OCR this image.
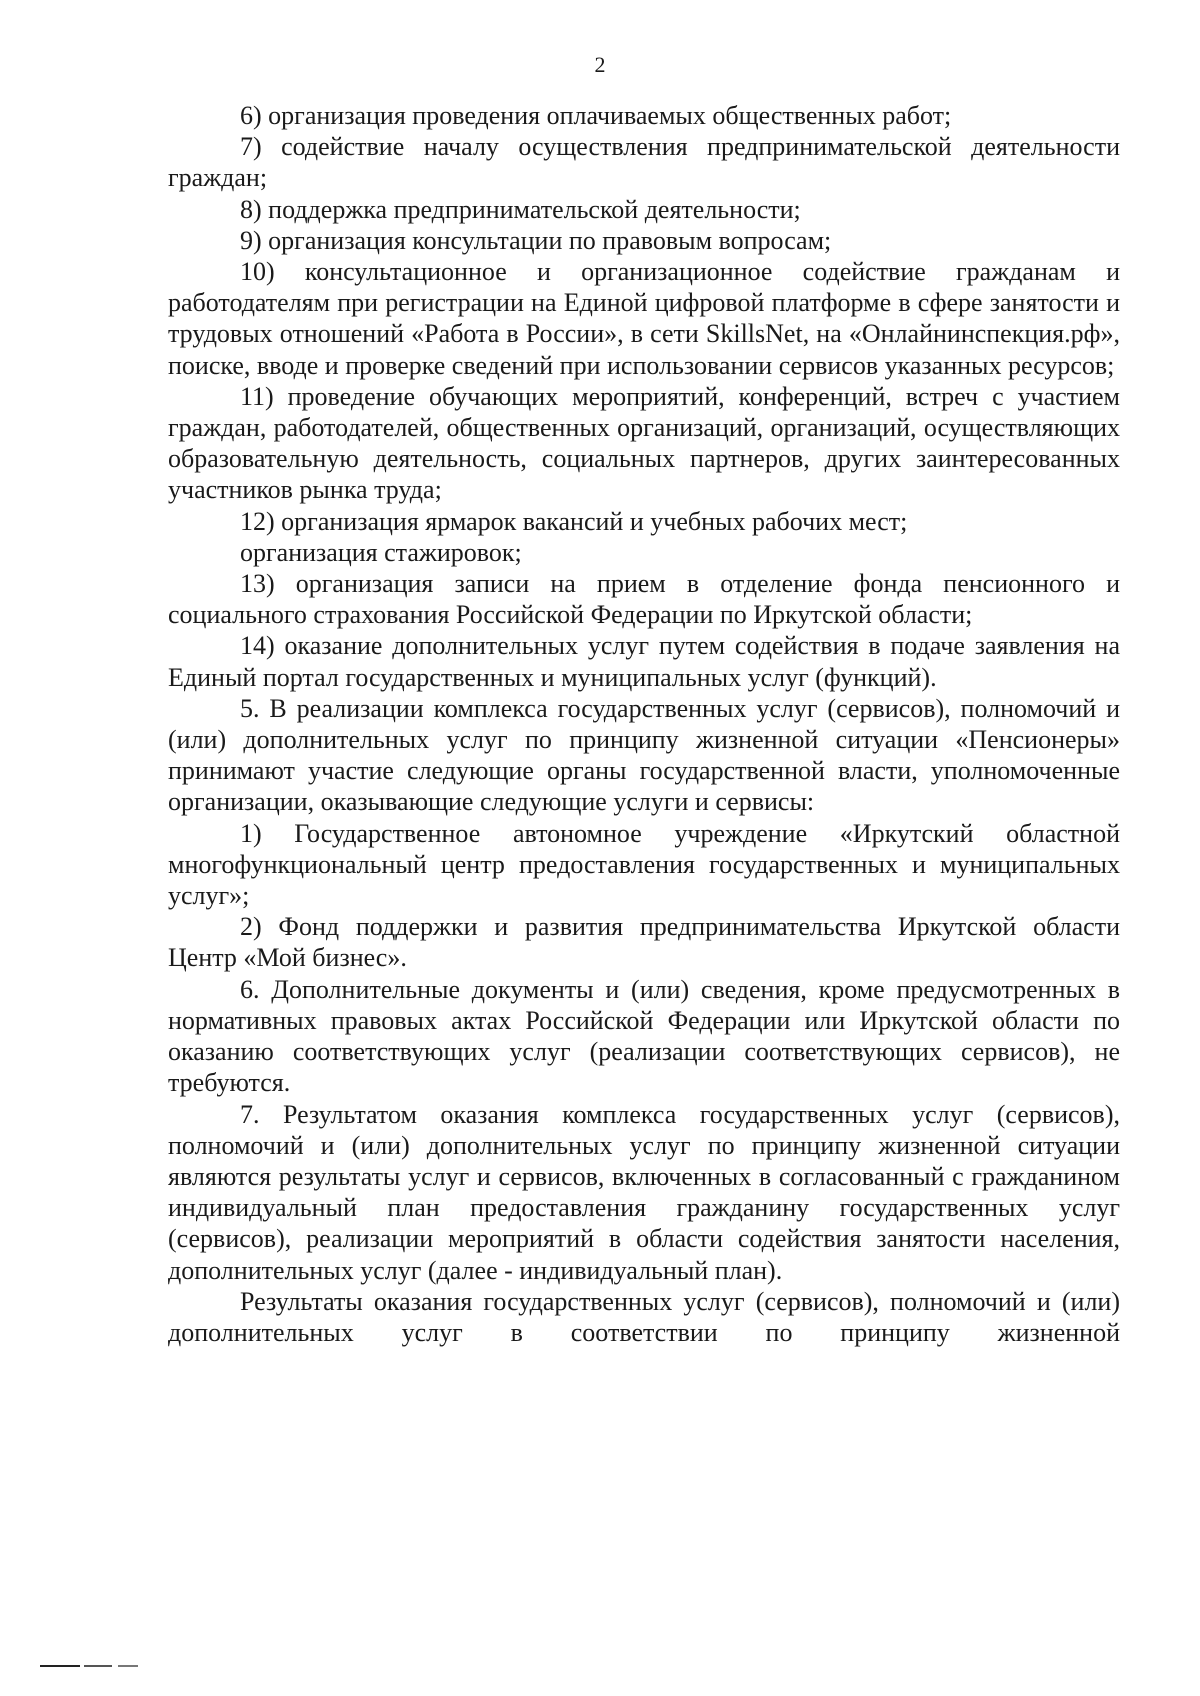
2

6) организация проведения оплачиваемых общественных работ;

7) содействие началу осуществления предпринимательской деятельности граждан;

8) поддержка предпринимательской деятельности;

9) организация консультации по правовым вопросам;

10) консультационное и организационное содействие гражданам и работодателям при регистрации на Единой цифровой платформе в сфере занятости и трудовых отношений «Работа в России», в сети SkillsNet, на «Онлайнинспекция.рф», поиске, вводе и проверке сведений при использовании сервисов указанных ресурсов;

11) проведение обучающих мероприятий, конференций, встреч с участием граждан, работодателей, общественных организаций, организаций, осуществляющих образовательную деятельность, социальных партнеров, других заинтересованных участников рынка труда;

12) организация ярмарок вакансий и учебных рабочих мест;

организация стажировок;

13) организация записи на прием в отделение фонда пенсионного и социального страхования Российской Федерации по Иркутской области;

14) оказание дополнительных услуг путем содействия в подаче заявления на Единый портал государственных и муниципальных услуг (функций).

5. В реализации комплекса государственных услуг (сервисов), полномочий и (или) дополнительных услуг по принципу жизненной ситуации «Пенсионеры» принимают участие следующие органы государственной власти, уполномоченные организации, оказывающие следующие услуги и сервисы:

1) Государственное автономное учреждение «Иркутский областной многофункциональный центр предоставления государственных и муниципальных услуг»;

2) Фонд поддержки и развития предпринимательства Иркутской области Центр «Мой бизнес».

6. Дополнительные документы и (или) сведения, кроме предусмотренных в нормативных правовых актах Российской Федерации или Иркутской области по оказанию соответствующих услуг (реализации соответствующих сервисов), не требуются.

7. Результатом оказания комплекса государственных услуг (сервисов), полномочий и (или) дополнительных услуг по принципу жизненной ситуации являются результаты услуг и сервисов, включенных в согласованный с гражданином индивидуальный план предоставления гражданину государственных услуг (сервисов), реализации мероприятий в области содействия занятости населения, дополнительных услуг (далее - индивидуальный план).

Результаты оказания государственных услуг (сервисов), полномочий и (или) дополнительных услуг в соответствии по принципу жизненной
